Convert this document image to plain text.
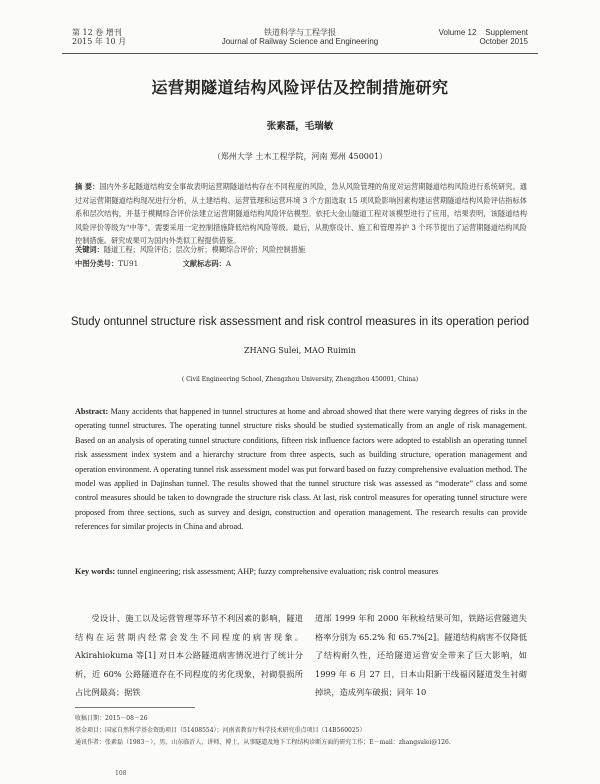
第 12 卷 增刊
2015 年 10 月
铁道科学与工程学报
Journal of Railway Science and Engineering
Volume 12    Supplement
October 2015
运营期隧道结构风险评估及控制措施研究
张素磊，毛瑞敏
（郑州大学 土木工程学院，河南 郑州 450001）
摘 要：国内外多起隧道结构安全事故表明运营期隧道结构存在不同程度的风险，急从风险管理的角度对运营期隧道结构风险进行系统研究。通过对运营期隧道结构现况进行分析，从土建结构、运营管理和运营环境 3 个方面选取 15 项风险影响因素构建运营期隧道结构风险评估指标体系和层次结构，并基于模糊综合评价法建立运营期隧道结构风险评估模型。依托大金山隧道工程对该模型进行了应用，结果表明，该隧道结构风险评价等级为“中等”，需要采用一定控制措施降低结构风险等级。最后，从勘察设计、施工和管理养护 3 个环节提出了运营期隧道结构风险控制措施。研究成果可为国内外类似工程提供借鉴。
关键词：隧道工程；风险评估；层次分析；模糊综合评价；风险控制措施
中图分类号：TU91	文献标志码：A
Study ontunnel structure risk assessment and risk control measures in its operation period
ZHANG Sulei, MAO Ruimin
( Civil Engineering School, Zhengzhou University, Zhengzhou 450001, China)
Abstract: Many accidents that happened in tunnel structures at home and abroad showed that there were varying degrees of risks in the operating tunnel structures. The operating tunnel structure risks should be studied systematically from an angle of risk management. Based on an analysis of operating tunnel structure conditions, fifteen risk influence factors were adopted to establish an operating tunnel risk assessment index system and a hierarchy structure from three aspects, such as building structure, operation management and operation environment. A operating tunnel risk assessment model was put forward based on fuzzy comprehensive evaluation method. The model was applied in Dajinshan tunnel. The results showed that the tunnel structure risk was assessed as “moderate” class and some control measures should be taken to downgrade the structure risk class. At last, risk control measures for operating tunnel structure were proposed from three sections, such as survey and design, construction and operation management. The research results can provide references for similar projects in China and abroad.
Key words: tunnel engineering; risk assessment; AHP; fuzzy comprehensive evaluation; risk control measures
受设计、施工以及运营管理等环节不利因素的影响，隧道结构在运营期内经常会发生不同程度的病害现象。Akirahiokuma 等[1] 对日本公路隧道病害情况进行了统计分析，近 60% 公路隧道存在不同程度的劣化现象，衬砌裂损所占比例最高；据铁
道部 1999 年和 2000 年秋检结果可知，铁路运营隧道失格率分别为 65.2% 和 65.7%[2]。隧道结构病害不仅降低了结构耐久性，还给隧道运营安全带来了巨大影响，如 1999 年 6 月 27 日，日本山阳新干线福冈隧道发生衬砌掉块，造成列车破损；同年 10
收稿日期：2015－08－26
基金项目：国家自然科学基金资助项目（51408554）；河南省教育厅科学技术研究重点项目（14B560025）
通讯作者：张素磊（1983－），男，山东临沂人，讲师，博士，从事隧道及地下工程结构诊断方面的研究工作；E－mail：zhangsulei@126.
108
